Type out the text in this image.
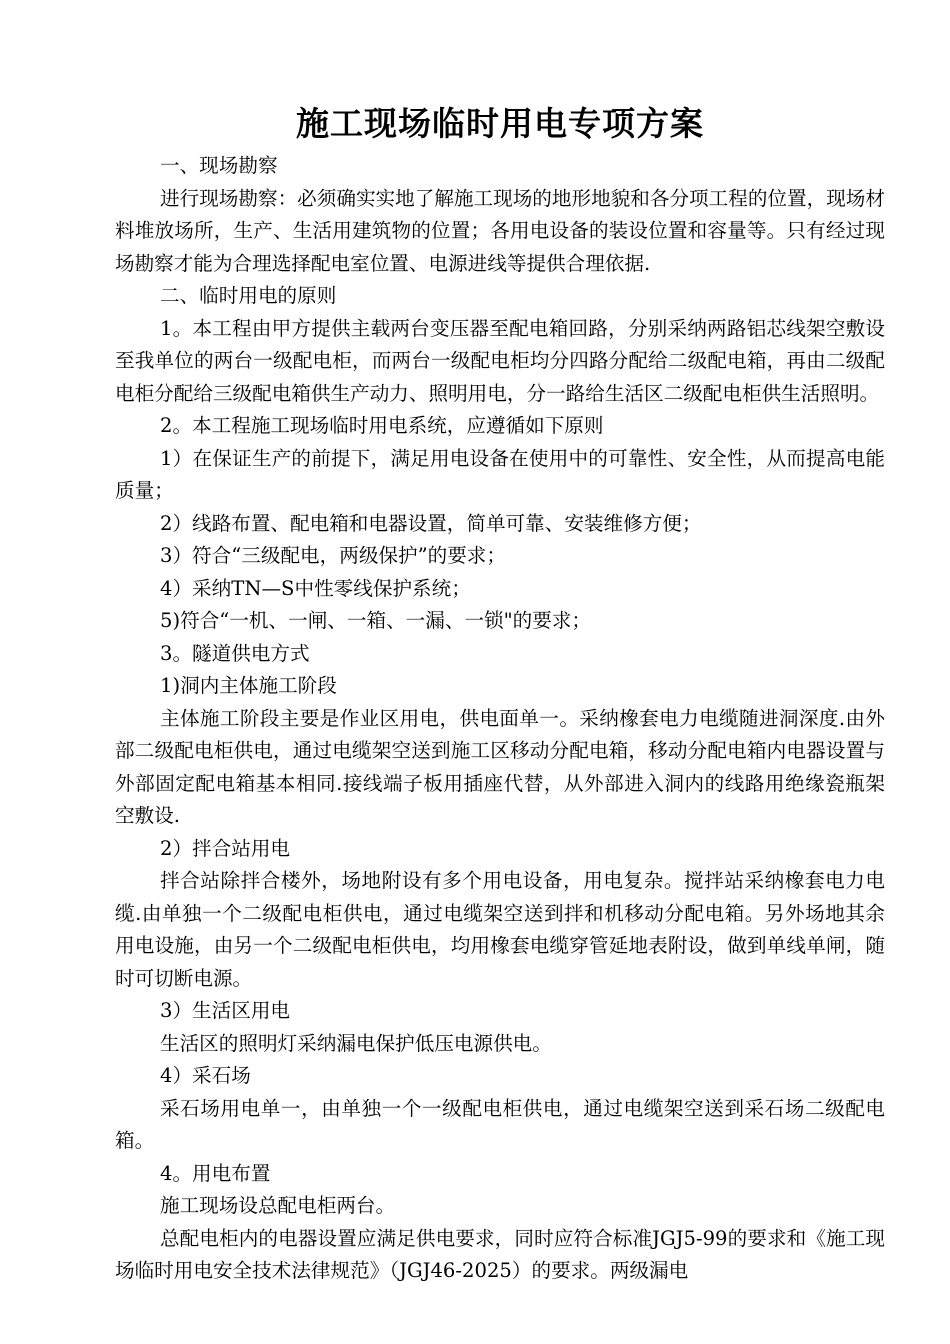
施工现场临时用电专项方案

一、现场勘察

进行现场勘察：必须确实实地了解施工现场的地形地貌和各分项工程的位置，现场材料堆放场所，生产、生活用建筑物的位置；各用电设备的装设位置和容量等。只有经过现场勘察才能为合理选择配电室位置、电源进线等提供合理依据.

二、临时用电的原则

1。本工程由甲方提供主载两台变压器至配电箱回路，分别采纳两路铝芯线架空敷设至我单位的两台一级配电柜，而两台一级配电柜均分四路分配给二级配电箱，再由二级配电柜分配给三级配电箱供生产动力、照明用电，分一路给生活区二级配电柜供生活照明。

2。本工程施工现场临时用电系统，应遵循如下原则

1）在保证生产的前提下，满足用电设备在使用中的可靠性、安全性，从而提高电能质量；

2）线路布置、配电箱和电器设置，简单可靠、安装维修方便；

3）符合“三级配电，两级保护”的要求；

4）采纳TN—S中性零线保护系统；

5)符合“一机、一闸、一箱、一漏、一锁"的要求；

3。隧道供电方式

1)洞内主体施工阶段

主体施工阶段主要是作业区用电，供电面单一。采纳橡套电力电缆随进洞深度.由外部二级配电柜供电，通过电缆架空送到施工区移动分配电箱，移动分配电箱内电器设置与外部固定配电箱基本相同.接线端子板用插座代替，从外部进入洞内的线路用绝缘瓷瓶架空敷设.

2）拌合站用电

拌合站除拌合楼外，场地附设有多个用电设备，用电复杂。搅拌站采纳橡套电力电缆.由单独一个二级配电柜供电，通过电缆架空送到拌和机移动分配电箱。另外场地其余用电设施，由另一个二级配电柜供电，均用橡套电缆穿管延地表附设，做到单线单闸，随时可切断电源。

3）生活区用电

生活区的照明灯采纳漏电保护低压电源供电。

4）采石场

采石场用电单一，由单独一个一级配电柜供电，通过电缆架空送到采石场二级配电箱。

4。用电布置

施工现场设总配电柜两台。

总配电柜内的电器设置应满足供电要求，同时应符合标准JGJ5-99的要求和《施工现场临时用电安全技术法律规范》（JGJ46-2025）的要求。两级漏电
